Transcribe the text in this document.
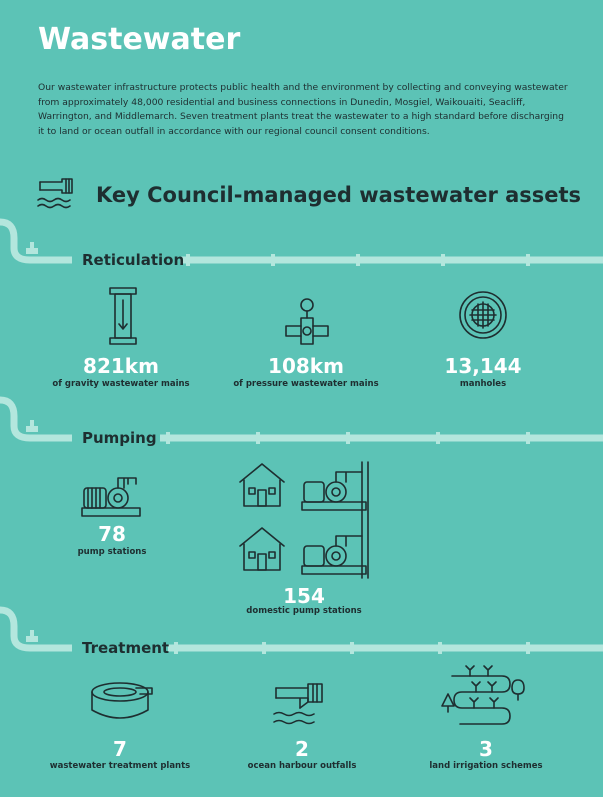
Wastewater
Our wastewater infrastructure protects public health and the environment by collecting and conveying wastewater from approximately 48,000 residential and business connections in Dunedin, Mosgiel, Waikouaiti, Seacliff, Warrington, and Middlemarch. Seven treatment plants treat the wastewater to a high standard before discharging it to land or ocean outfall in accordance with our regional council consent conditions.
Key Council-managed wastewater assets
Reticulation
821km
of gravity wastewater mains
108km
of pressure wastewater mains
13,144
manholes
Pumping
78
pump stations
154
domestic pump stations
Treatment
7
wastewater treatment plants
2
ocean harbour outfalls
3
land irrigation schemes
